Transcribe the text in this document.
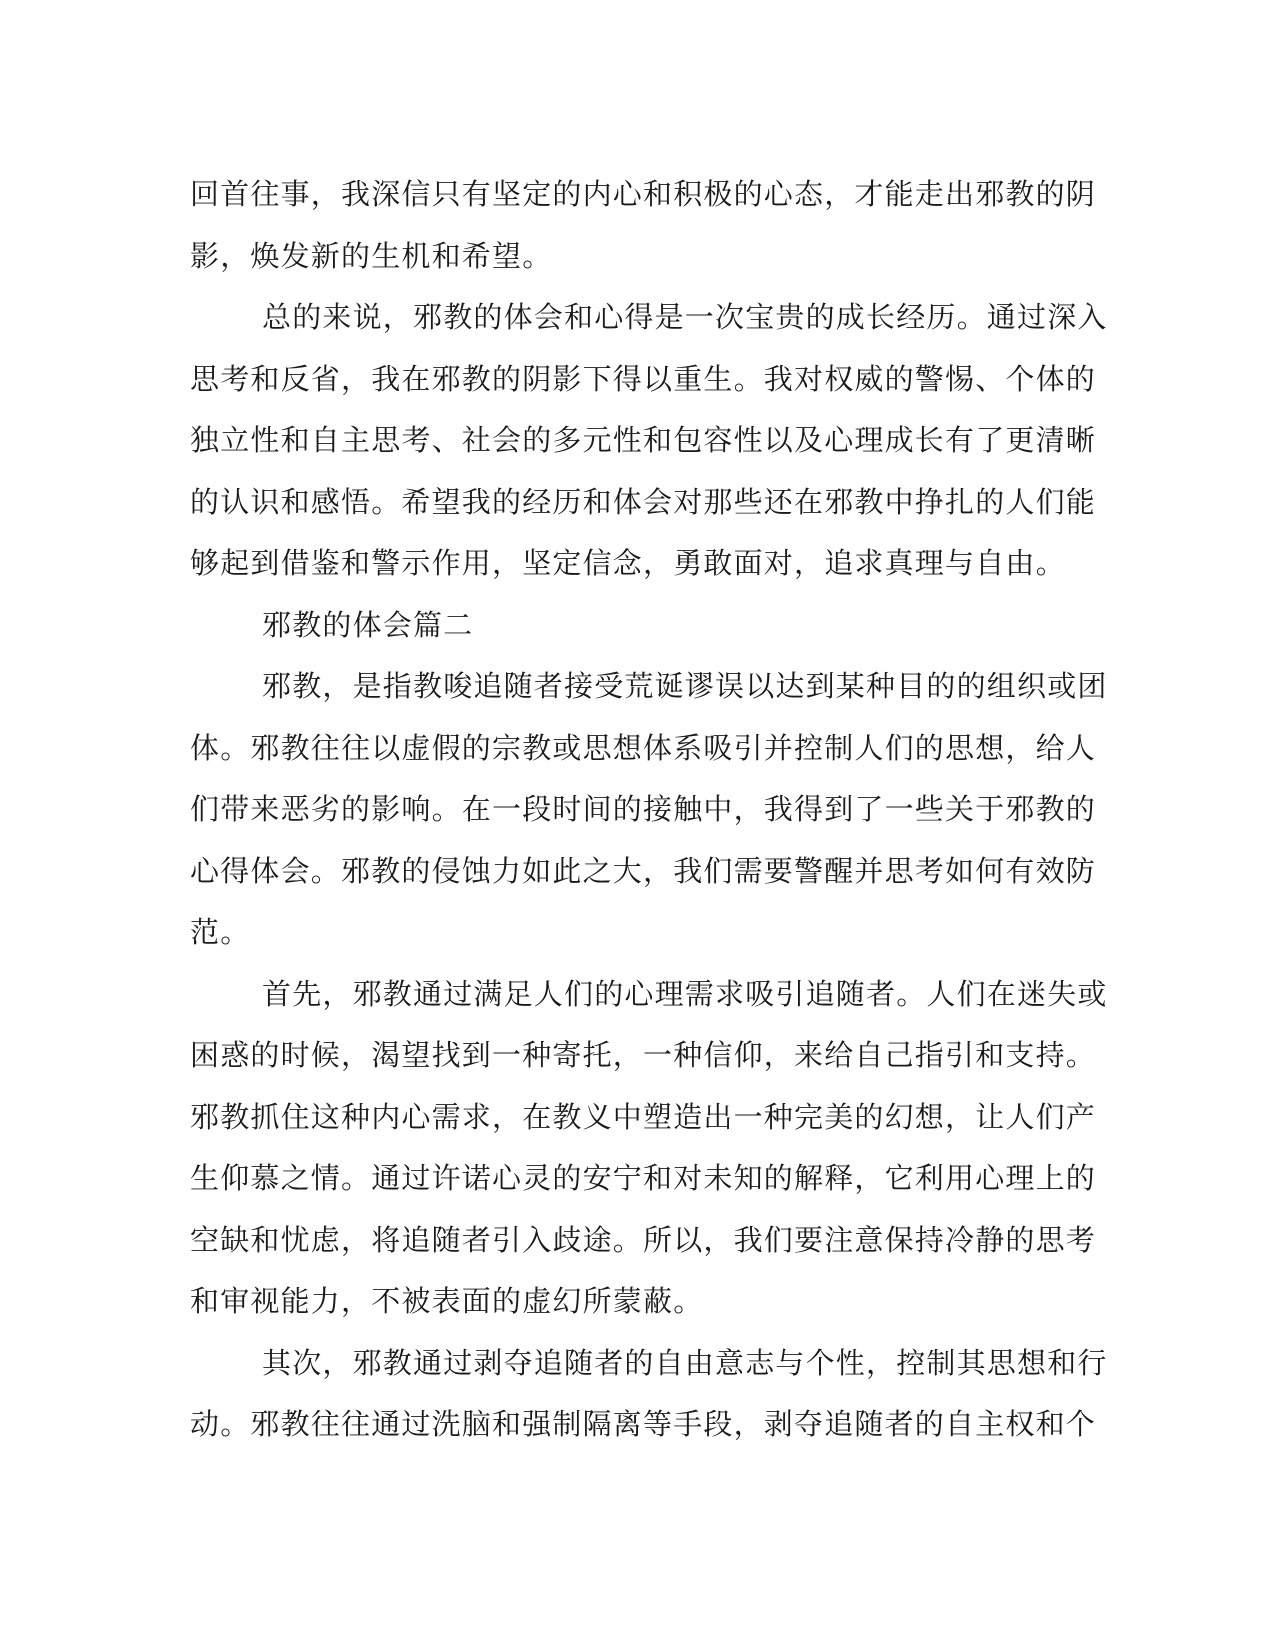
回首往事，我深信只有坚定的内心和积极的心态，才能走出邪教的阴
影，焕发新的生机和希望。

总的来说，邪教的体会和心得是一次宝贵的成长经历。通过深入
思考和反省，我在邪教的阴影下得以重生。我对权威的警惕、个体的
独立性和自主思考、社会的多元性和包容性以及心理成长有了更清晰
的认识和感悟。希望我的经历和体会对那些还在邪教中挣扎的人们能
够起到借鉴和警示作用，坚定信念，勇敢面对，追求真理与自由。

邪教的体会篇二

邪教，是指教唆追随者接受荒诞谬误以达到某种目的的组织或团
体。邪教往往以虚假的宗教或思想体系吸引并控制人们的思想，给人
们带来恶劣的影响。在一段时间的接触中，我得到了一些关于邪教的
心得体会。邪教的侵蚀力如此之大，我们需要警醒并思考如何有效防
范。

首先，邪教通过满足人们的心理需求吸引追随者。人们在迷失或
困惑的时候，渴望找到一种寄托，一种信仰，来给自己指引和支持。
邪教抓住这种内心需求，在教义中塑造出一种完美的幻想，让人们产
生仰慕之情。通过许诺心灵的安宁和对未知的解释，它利用心理上的
空缺和忧虑，将追随者引入歧途。所以，我们要注意保持冷静的思考
和审视能力，不被表面的虚幻所蒙蔽。

其次，邪教通过剥夺追随者的自由意志与个性，控制其思想和行
动。邪教往往通过洗脑和强制隔离等手段，剥夺追随者的自主权和个
